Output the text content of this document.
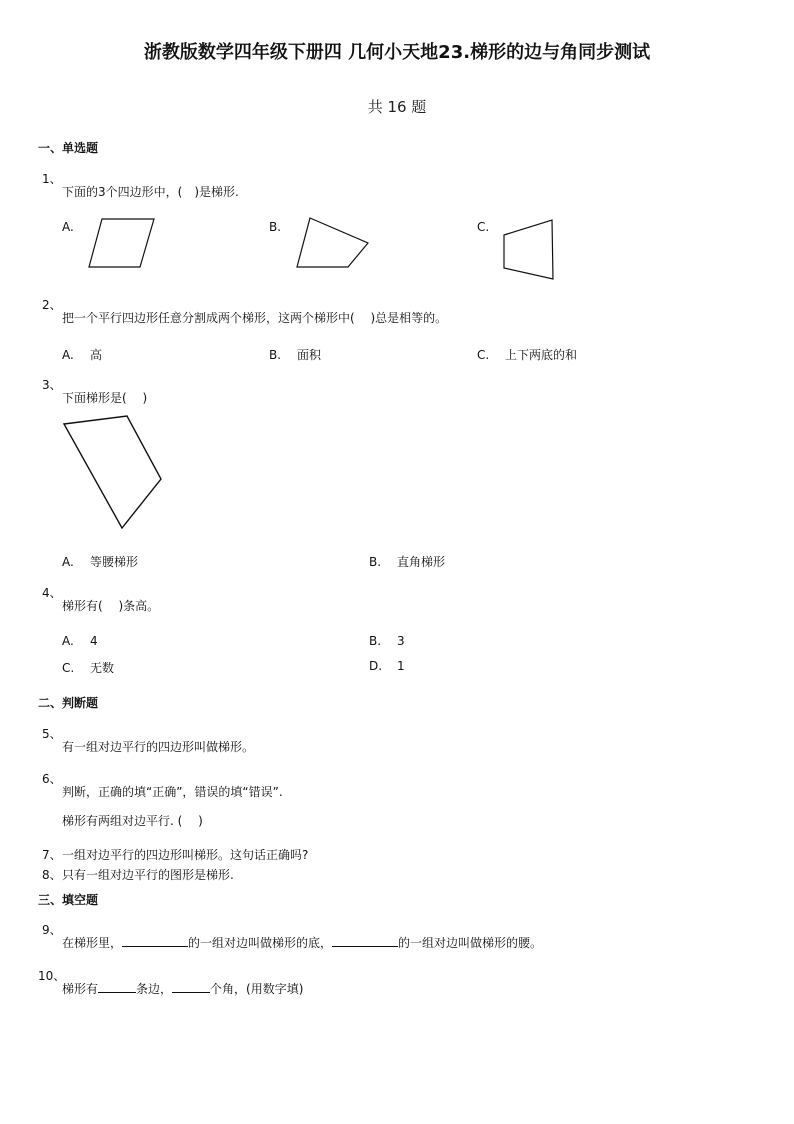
浙教版数学四年级下册四 几何小天地23.梯形的边与角同步测试
共 16 题
一、单选题
1、
下面的3个四边形中，(　)是梯形.
A.	B.	C.
2、
把一个平行四边形任意分割成两个梯形，这两个梯形中(　 )总是相等的。
A. 高	B. 面积	C. 上下两底的和
3、
下面梯形是(　 )
A. 等腰梯形	B. 直角梯形
4、
梯形有(　 )条高。
A. 4	B. 3
C. 无数	D. 1
二、判断题
5、
有一组对边平行的四边形叫做梯形。
6、
判断，正确的填“正确”，错误的填“错误”.
梯形有两组对边平行. (　 )
7、 一组对边平行的四边形叫梯形。这句话正确吗?
8、 只有一组对边平行的图形是梯形.
三、填空题
9、
在梯形里，	的一组对边叫做梯形的底，	的一组对边叫做梯形的腰。
10、
梯形有	条边，	个角，(用数字填)
